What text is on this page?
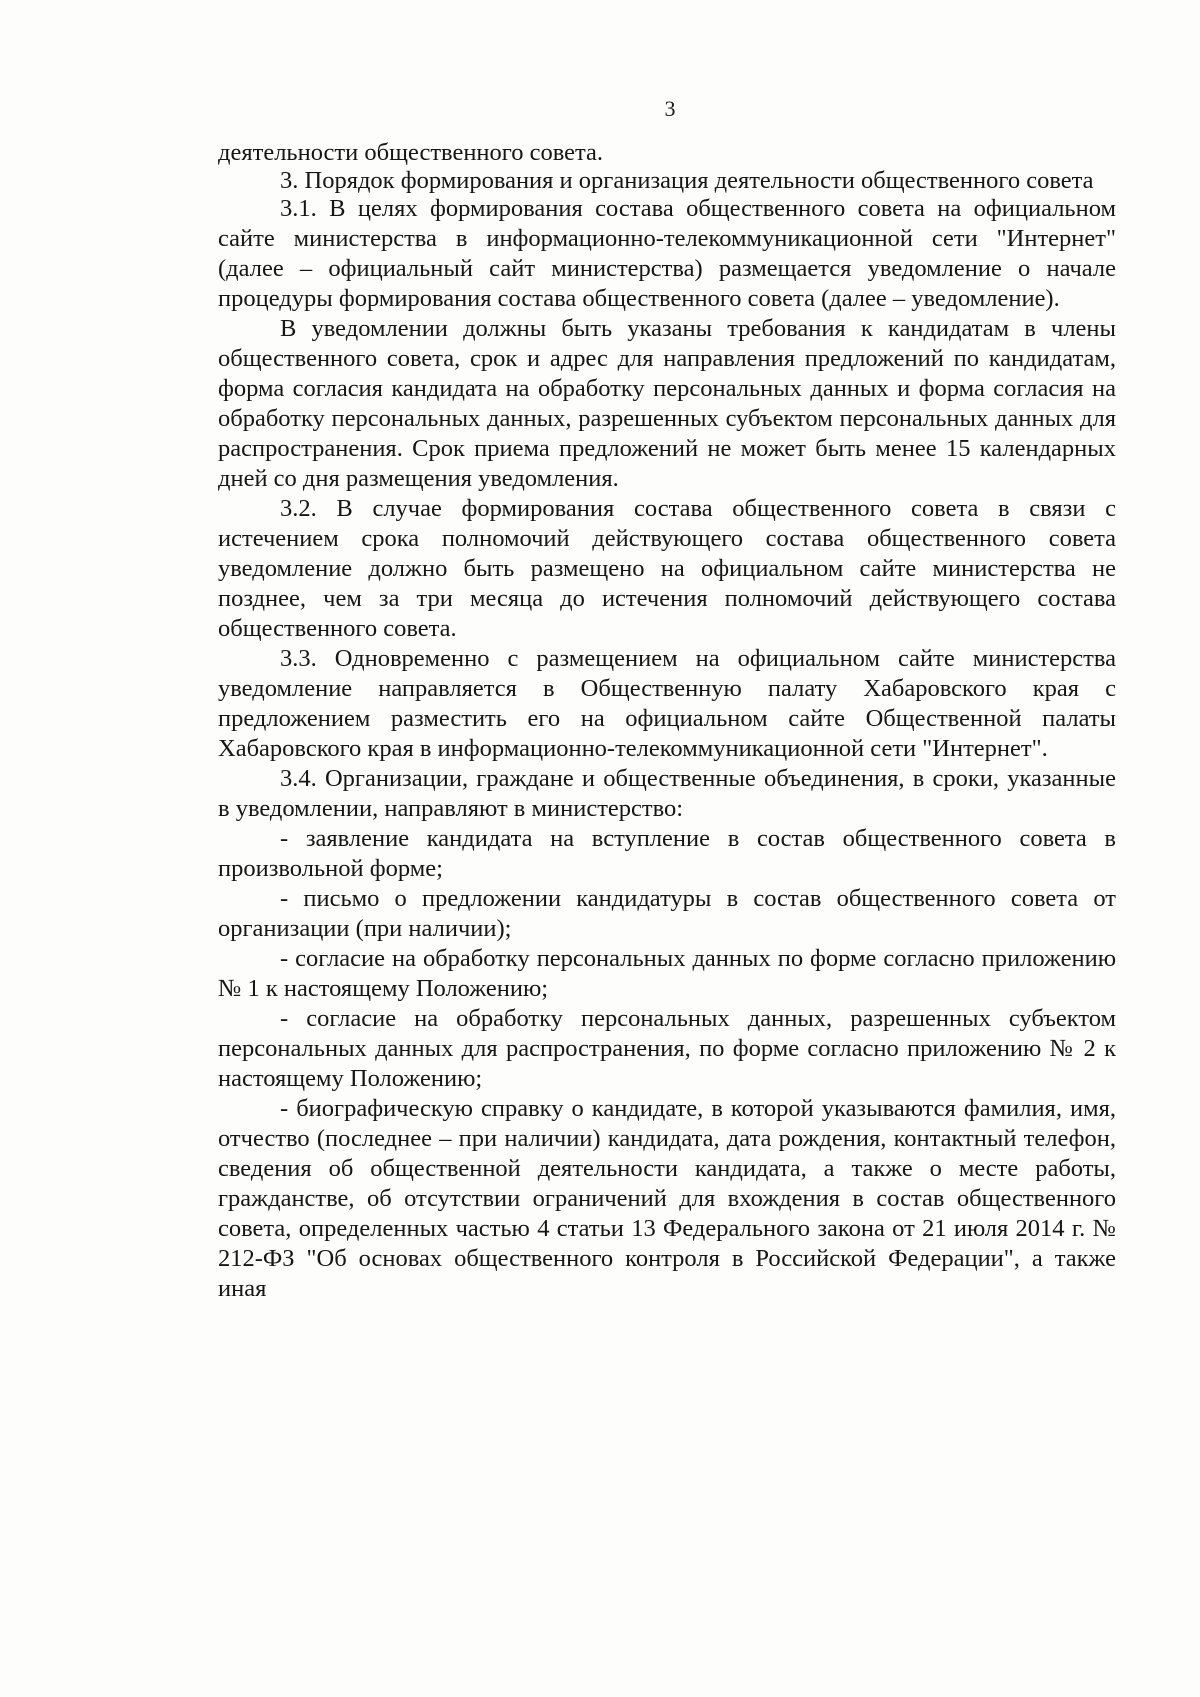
3

деятельности общественного совета.

3. Порядок формирования и организация деятельности общественного совета

3.1. В целях формирования состава общественного совета на официальном сайте министерства в информационно-телекоммуникационной сети "Интернет" (далее – официальный сайт министерства) размещается уведомление о начале процедуры формирования состава общественного совета (далее – уведомление).

В уведомлении должны быть указаны требования к кандидатам в члены общественного совета, срок и адрес для направления предложений по кандидатам, форма согласия кандидата на обработку персональных данных и форма согласия на обработку персональных данных, разрешенных субъектом персональных данных для распространения. Срок приема предложений не может быть менее 15 календарных дней со дня размещения уведомления.

3.2. В случае формирования состава общественного совета в связи с истечением срока полномочий действующего состава общественного совета уведомление должно быть размещено на официальном сайте министерства не позднее, чем за три месяца до истечения полномочий действующего состава общественного совета.

3.3. Одновременно с размещением на официальном сайте министерства уведомление направляется в Общественную палату Хабаровского края с предложением разместить его на официальном сайте Общественной палаты Хабаровского края в информационно-телекоммуникационной сети "Интернет".

3.4. Организации, граждане и общественные объединения, в сроки, указанные в уведомлении, направляют в министерство:

- заявление кандидата на вступление в состав общественного совета в произвольной форме;

- письмо о предложении кандидатуры в состав общественного совета от организации (при наличии);

- согласие на обработку персональных данных по форме согласно приложению № 1 к настоящему Положению;

- согласие на обработку персональных данных, разрешенных субъектом персональных данных для распространения, по форме согласно приложению № 2 к настоящему Положению;

- биографическую справку о кандидате, в которой указываются фамилия, имя, отчество (последнее – при наличии) кандидата, дата рождения, контактный телефон, сведения об общественной деятельности кандидата, а также о месте работы, гражданстве, об отсутствии ограничений для вхождения в состав общественного совета, определенных частью 4 статьи 13 Федерального закона от 21 июля 2014 г. № 212-ФЗ "Об основах общественного контроля в Российской Федерации", а также иная
